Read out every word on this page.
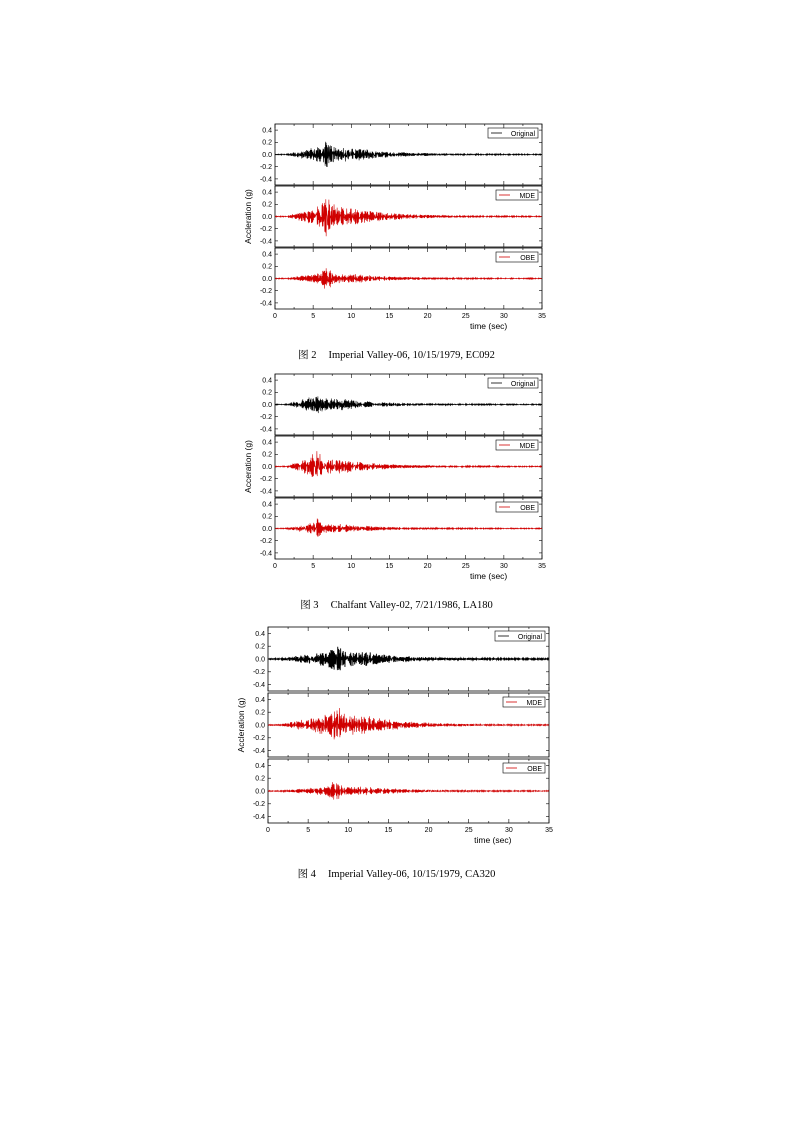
0.4
0.2
0.0
-0.2
-0.4
Original
0.4
0.2
0.0
-0.2
-0.4
MDE
0.4
0.2
0.0
-0.2
-0.4
OBE
0	5	10	15	20	25	30	35
time (sec)
Accleration (g)
图 2 Imperial Valley-06, 10/15/1979, EC092
0.4
0.2
0.0
-0.2
-0.4
Original
0.4
0.2
0.0
-0.2
-0.4
MDE
0.4
0.2
0.0
-0.2
-0.4
OBE
0	5	10	15	20	25	30	35
time (sec)
Acceration (g)
图 3 Chalfant Valley-02, 7/21/1986, LA180
0.4
0.2
0.0
-0.2
-0.4
Original
0.4
0.2
0.0
-0.2
-0.4
MDE
0.4
0.2
0.0
-0.2
-0.4
OBE
0	5	10	15	20	25	30	35
time (sec)
Accleration (g)
图 4 Imperial Valley-06, 10/15/1979, CA320
